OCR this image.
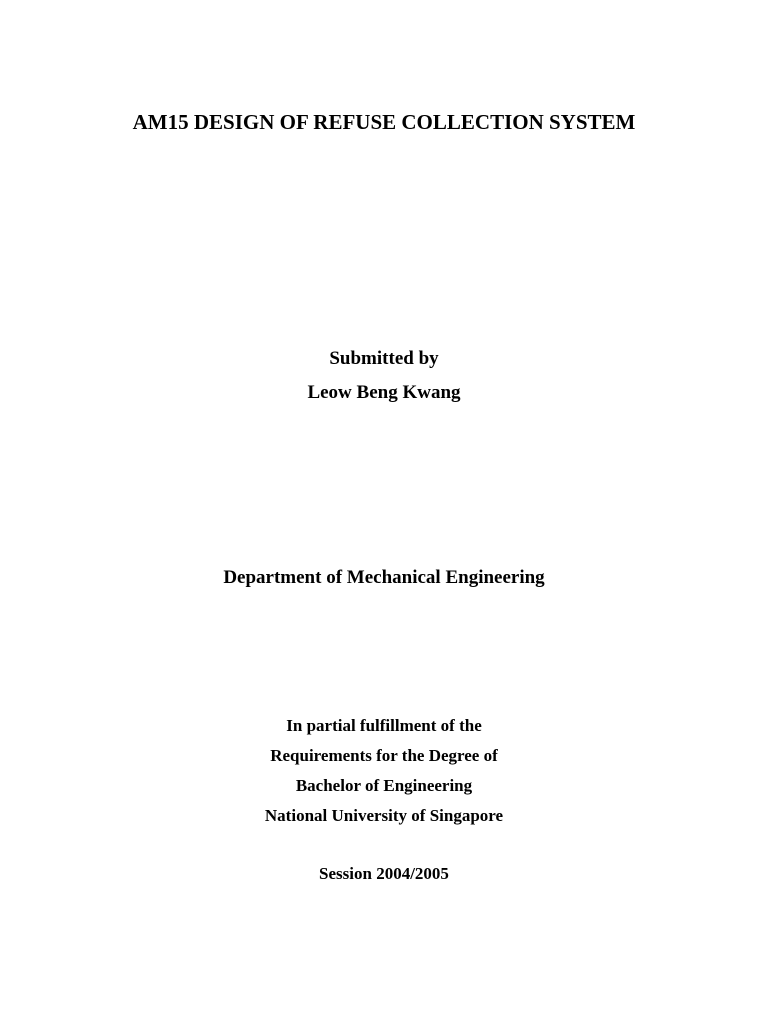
AM15 DESIGN OF REFUSE COLLECTION SYSTEM
Submitted by
Leow Beng Kwang
Department of Mechanical Engineering
In partial fulfillment of the
Requirements for the Degree of
Bachelor of Engineering
National University of Singapore
Session 2004/2005
